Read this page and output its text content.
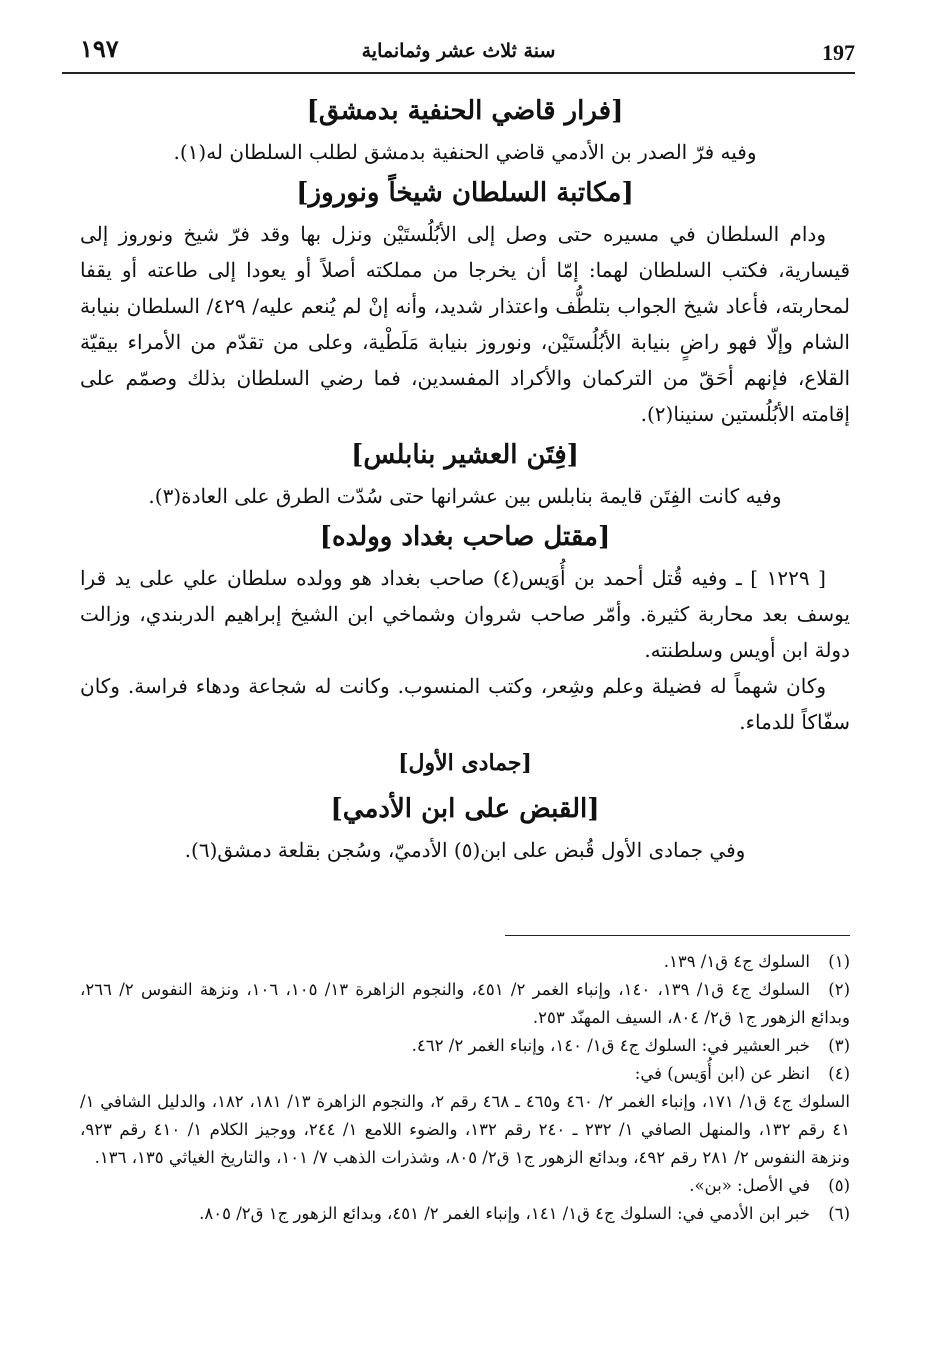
١٩٧	سنة ثلاث عشر وثمانماية	197
[فرار قاضي الحنفية بدمشق]

وفيه فرّ الصدر بن الأدمي قاضي الحنفية بدمشق لطلب السلطان له(١).

[مكاتبة السلطان شيخاً ونوروز]

ودام السلطان في مسيره حتى وصل إلى الأبُلُستَيْن ونزل بها وقد فرّ شيخ ونوروز إلى قيسارية، فكتب السلطان لهما: إمّا أن يخرجا من مملكته أصلاً أو يعودا إلى طاعته أو يقفا لمحاربته، فأعاد شيخ الجواب بتلطُّف واعتذار شديد، وأنه إنْ لم يُنعم عليه/ ٤٢٩/ السلطان بنيابة الشام وإلّا فهو راضٍ بنيابة الأبُلُستَيْن، ونوروز بنيابة مَلَطْية، وعلى من تقدّم من الأمراء بيقيّة القلاع، فإنهم أحَقّ من التركمان والأكراد المفسدين، فما رضي السلطان بذلك وصمّم على إقامته الأبُلُستين سنينا(٢).

[فِتَن العشير بنابلس]

وفيه كانت الفِتَن قايمة بنابلس بين عشرانها حتى سُدّت الطرق على العادة(٣).

[مقتل صاحب بغداد وولده]

[ ١٢٢٩ ] ـ وفيه قُتل أحمد بن أُوَيس(٤) صاحب بغداد هو وولده سلطان علي على يد قرا يوسف بعد محاربة كثيرة. وأمّر صاحب شروان وشماخي ابن الشيخ إبراهيم الدربندي، وزالت دولة ابن أويس وسلطنته.

وكان شهماً له فضيلة وعلم وشِعر، وكتب المنسوب. وكانت له شجاعة ودهاء فراسة. وكان سفّاكاً للدماء.

[جمادى الأول]
[القبض على ابن الأدمي]

وفي جمادى الأول قُبض على ابن(٥) الأدميّ، وسُجن بقلعة دمشق(٦).

(١)السلوك ج٤ ق١/ ١٣٩.

(٢)السلوك ج٤ ق١/ ١٣٩، ١٤٠، وإنباء الغمر ٢/ ٤٥١، والنجوم الزاهرة ١٣/ ١٠٥، ١٠٦، ونزهة النفوس ٢/ ٢٦٦، وبدائع الزهور ج١ ق٢/ ٨٠٤، السيف المهنّد ٢٥٣.

(٣)خبر العشير في: السلوك ج٤ ق١/ ١٤٠، وإنباء الغمر ٢/ ٤٦٢.

(٤)انظر عن (ابن أُوَيس) في:

السلوك ج٤ ق١/ ١٧١، وإنباء الغمر ٢/ ٤٦٠ و٤٦٥ ـ ٤٦٨ رقم ٢، والنجوم الزاهرة ١٣/ ١٨١، ١٨٢، والدليل الشافي ١/ ٤١ رقم ١٣٢، والمنهل الصافي ١/ ٢٣٢ ـ ٢٤٠ رقم ١٣٢، والضوء اللامع ١/ ٢٤٤، ووجيز الكلام ١/ ٤١٠ رقم ٩٢٣، ونزهة النفوس ٢/ ٢٨١ رقم ٤٩٢، وبدائع الزهور ج١ ق٢/ ٨٠٥، وشذرات الذهب ٧/ ١٠١، والتاريخ الغياثي ١٣٥، ١٣٦.

(٥)في الأصل: «بن».

(٦)خبر ابن الأدمي في: السلوك ج٤ ق١/ ١٤١، وإنباء الغمر ٢/ ٤٥١، وبدائع الزهور ج١ ق٢/ ٨٠٥.
